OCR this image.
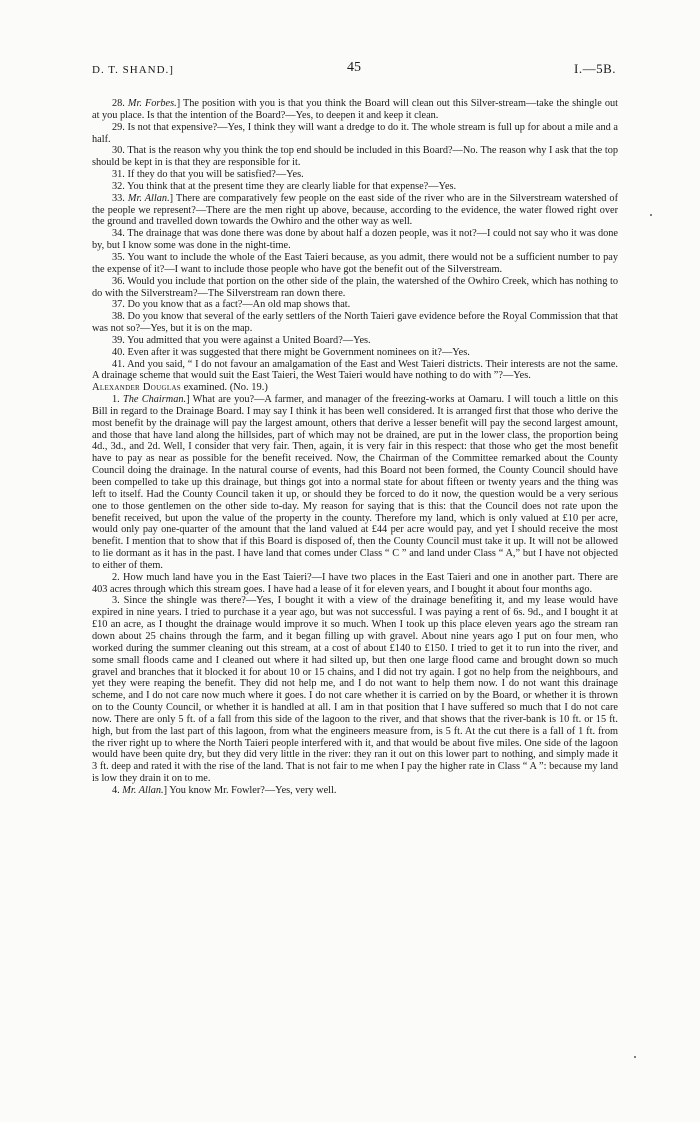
D. T. SHAND.]	45	I.—5B.

28. Mr. Forbes.] The position with you is that you think the Board will clean out this Silver-stream—take the shingle out at you place. Is that the intention of the Board?—Yes, to deepen it and keep it clean.

29. Is not that expensive?—Yes, I think they will want a dredge to do it. The whole stream is full up for about a mile and a half.

30. That is the reason why you think the top end should be included in this Board?—No. The reason why I ask that the top should be kept in is that they are responsible for it.

31. If they do that you will be satisfied?—Yes.

32. You think that at the present time they are clearly liable for that expense?—Yes.

33. Mr. Allan.] There are comparatively few people on the east side of the river who are in the Silverstream watershed of the people we represent?—There are the men right up above, because, according to the evidence, the water flowed right over the ground and travelled down towards the Owhiro and the other way as well.

34. The drainage that was done there was done by about half a dozen people, was it not?—I could not say who it was done by, but I know some was done in the night-time.

35. You want to include the whole of the East Taieri because, as you admit, there would not be a sufficient number to pay the expense of it?—I want to include those people who have got the benefit out of the Silverstream.

36. Would you include that portion on the other side of the plain, the watershed of the Owhiro Creek, which has nothing to do with the Silverstream?—The Silverstream ran down there.

37. Do you know that as a fact?—An old map shows that.

38. Do you know that several of the early settlers of the North Taieri gave evidence before the Royal Commission that that was not so?—Yes, but it is on the map.

39. You admitted that you were against a United Board?—Yes.

40. Even after it was suggested that there might be Government nominees on it?—Yes.

41. And you said, “ I do not favour an amalgamation of the East and West Taieri districts. Their interests are not the same. A drainage scheme that would suit the East Taieri, the West Taieri would have nothing to do with ”?—Yes.

Alexander Douglas examined. (No. 19.)

1. The Chairman.] What are you?—A farmer, and manager of the freezing-works at Oamaru. I will touch a little on this Bill in regard to the Drainage Board. I may say I think it has been well considered. It is arranged first that those who derive the most benefit by the drainage will pay the largest amount, others that derive a lesser benefit will pay the second largest amount, and those that have land along the hillsides, part of which may not be drained, are put in the lower class, the proportion being 4d., 3d., and 2d. Well, I consider that very fair. Then, again, it is very fair in this respect: that those who get the most benefit have to pay as near as possible for the benefit received. Now, the Chairman of the Committee remarked about the County Council doing the drainage. In the natural course of events, had this Board not been formed, the County Council should have been compelled to take up this drainage, but things got into a normal state for about fifteen or twenty years and the thing was left to itself. Had the County Council taken it up, or should they be forced to do it now, the question would be a very serious one to those gentlemen on the other side to-day. My reason for saying that is this: that the Council does not rate upon the benefit received, but upon the value of the property in the county. Therefore my land, which is only valued at £10 per acre, would only pay one-quarter of the amount that the land valued at £44 per acre would pay, and yet I should receive the most benefit. I mention that to show that if this Board is disposed of, then the County Council must take it up. It will not be allowed to lie dormant as it has in the past. I have land that comes under Class “ C ” and land under Class “ A,” but I have not objected to either of them.

2. How much land have you in the East Taieri?—I have two places in the East Taieri and one in another part. There are 403 acres through which this stream goes. I have had a lease of it for eleven years, and I bought it about four months ago.

3. Since the shingle was there?—Yes, I bought it with a view of the drainage benefiting it, and my lease would have expired in nine years. I tried to purchase it a year ago, but was not successful. I was paying a rent of 6s. 9d., and I bought it at £10 an acre, as I thought the drainage would improve it so much. When I took up this place eleven years ago the stream ran down about 25 chains through the farm, and it began filling up with gravel. About nine years ago I put on four men, who worked during the summer cleaning out this stream, at a cost of about £140 to £150. I tried to get it to run into the river, and some small floods came and I cleaned out where it had silted up, but then one large flood came and brought down so much gravel and branches that it blocked it for about 10 or 15 chains, and I did not try again. I got no help from the neighbours, and yet they were reaping the benefit. They did not help me, and I do not want to help them now. I do not want this drainage scheme, and I do not care now much where it goes. I do not care whether it is carried on by the Board, or whether it is thrown on to the County Council, or whether it is handled at all. I am in that position that I have suffered so much that I do not care now. There are only 5 ft. of a fall from this side of the lagoon to the river, and that shows that the river-bank is 10 ft. or 15 ft. high, but from the last part of this lagoon, from what the engineers measure from, is 5 ft. At the cut there is a fall of 1 ft. from the river right up to where the North Taieri people interfered with it, and that would be about five miles. One side of the lagoon would have been quite dry, but they did very little in the river: they ran it out on this lower part to nothing, and simply made it 3 ft. deep and rated it with the rise of the land. That is not fair to me when I pay the higher rate in Class “ A ”: because my land is low they drain it on to me.

4. Mr. Allan.] You know Mr. Fowler?—Yes, very well.
